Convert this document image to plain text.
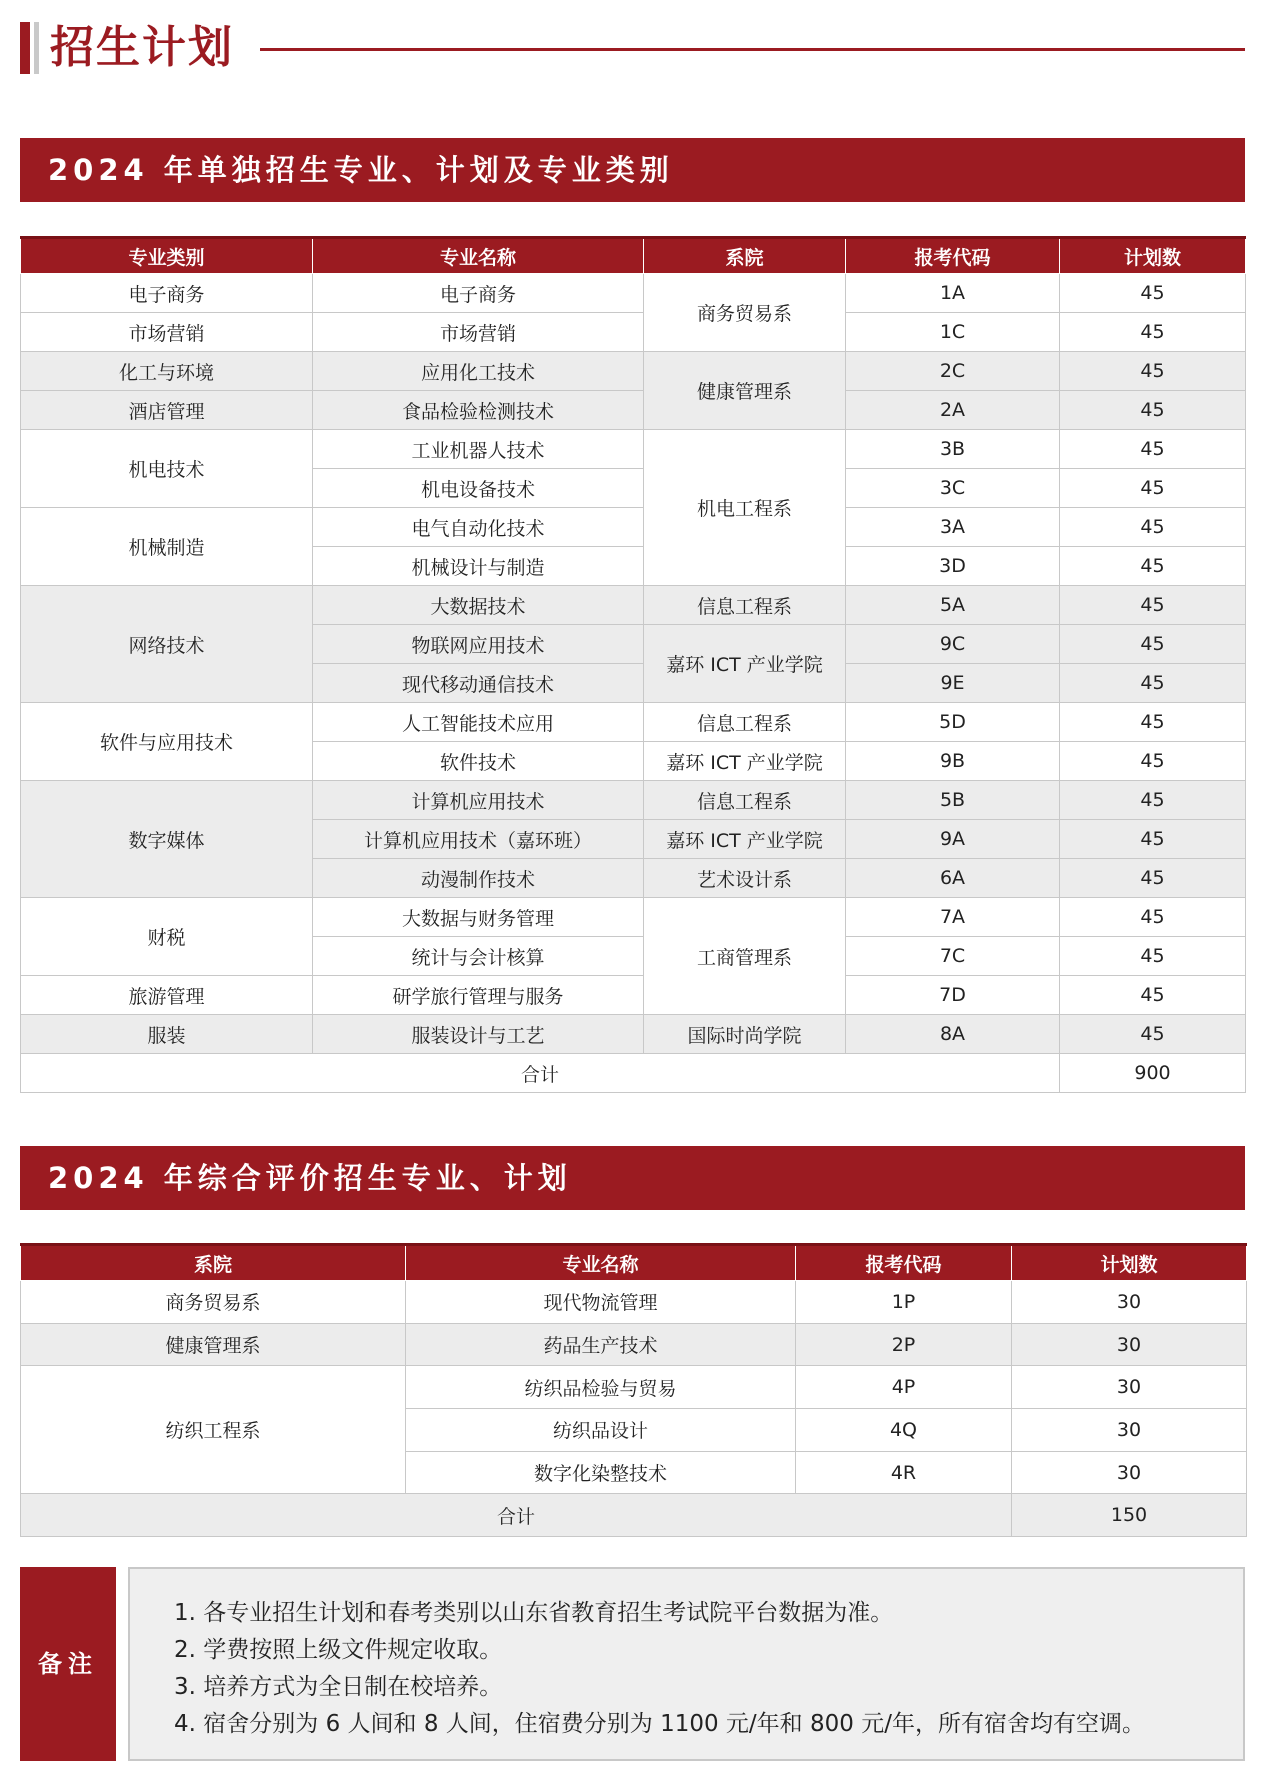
招生计划
2024 年单独招生专业、计划及专业类别
专业类别	专业名称	系院	报考代码	计划数
电子商务	电子商务	商务贸易系	1A	45
市场营销	市场营销		1C	45
化工与环境	应用化工技术	健康管理系	2C	45
酒店管理	食品检验检测技术		2A	45
机电技术	工业机器人技术	机电工程系	3B	45
	机电设备技术		3C	45
机械制造	电气自动化技术		3A	45
	机械设计与制造		3D	45
网络技术	大数据技术	信息工程系	5A	45
	物联网应用技术	嘉环 ICT 产业学院	9C	45
	现代移动通信技术		9E	45
软件与应用技术	人工智能技术应用	信息工程系	5D	45
	软件技术	嘉环 ICT 产业学院	9B	45
数字媒体	计算机应用技术	信息工程系	5B	45
	计算机应用技术（嘉环班）	嘉环 ICT 产业学院	9A	45
	动漫制作技术	艺术设计系	6A	45
财税	大数据与财务管理	工商管理系	7A	45
	统计与会计核算		7C	45
旅游管理	研学旅行管理与服务		7D	45
服装	服装设计与工艺	国际时尚学院	8A	45
合计				900
2024 年综合评价招生专业、计划
系院	专业名称	报考代码	计划数
商务贸易系	现代物流管理	1P	30
健康管理系	药品生产技术	2P	30
纺织工程系	纺织品检验与贸易	4P	30
	纺织品设计	4Q	30
	数字化染整技术	4R	30
合计			150
备注
1. 各专业招生计划和春考类别以山东省教育招生考试院平台数据为准。
2. 学费按照上级文件规定收取。
3. 培养方式为全日制在校培养。
4. 宿舍分别为 6 人间和 8 人间，住宿费分别为 1100 元/年和 800 元/年，所有宿舍均有空调。
